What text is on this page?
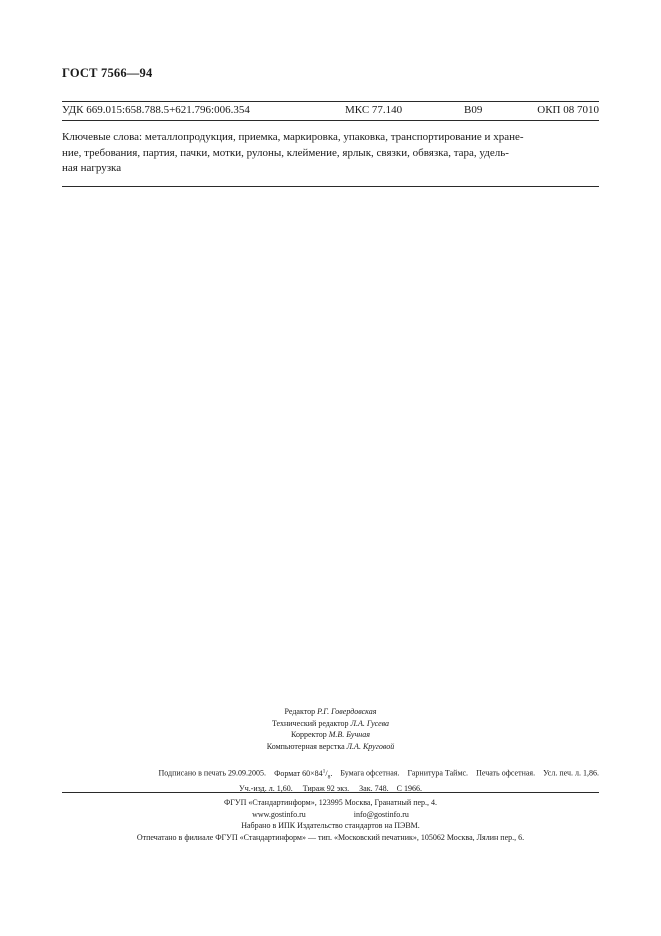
ГОСТ 7566—94
УДК 669.015:658.788.5+621.796:006.354	МКС 77.140	В09	ОКП 08 7010
Ключевые слова: металлопродукция, приемка, маркировка, упаковка, транспортирование и хране-
ние, требования, партия, пачки, мотки, рулоны, клеймение, ярлык, связки, обвязка, тара, удель-
ная нагрузка
Редактор Р.Г. Говердовская
Технический редактор Л.А. Гусева
Корректор М.В. Бучная
Компьютерная верстка Л.А. Круговой
Подписано в печать 29.09.2005. Формат $60\times 84^1/_8$. Бумага офсетная. Гарнитура Таймс. Печать офсетная. Усл. печ. л. 1,86.
Уч.-изд. л. 1,60. Тираж 92 экз. Зак. 748. С 1966.
ФГУП «Стандартинформ», 123995 Москва, Гранатный пер., 4.
www.gostinfo.ru	info@gostinfo.ru
Набрано в ИПК Издательство стандартов на ПЭВМ.
Отпечатано в филиале ФГУП «Стандартинформ» — тип. «Московский печатник», 105062 Москва, Лялин пер., 6.
